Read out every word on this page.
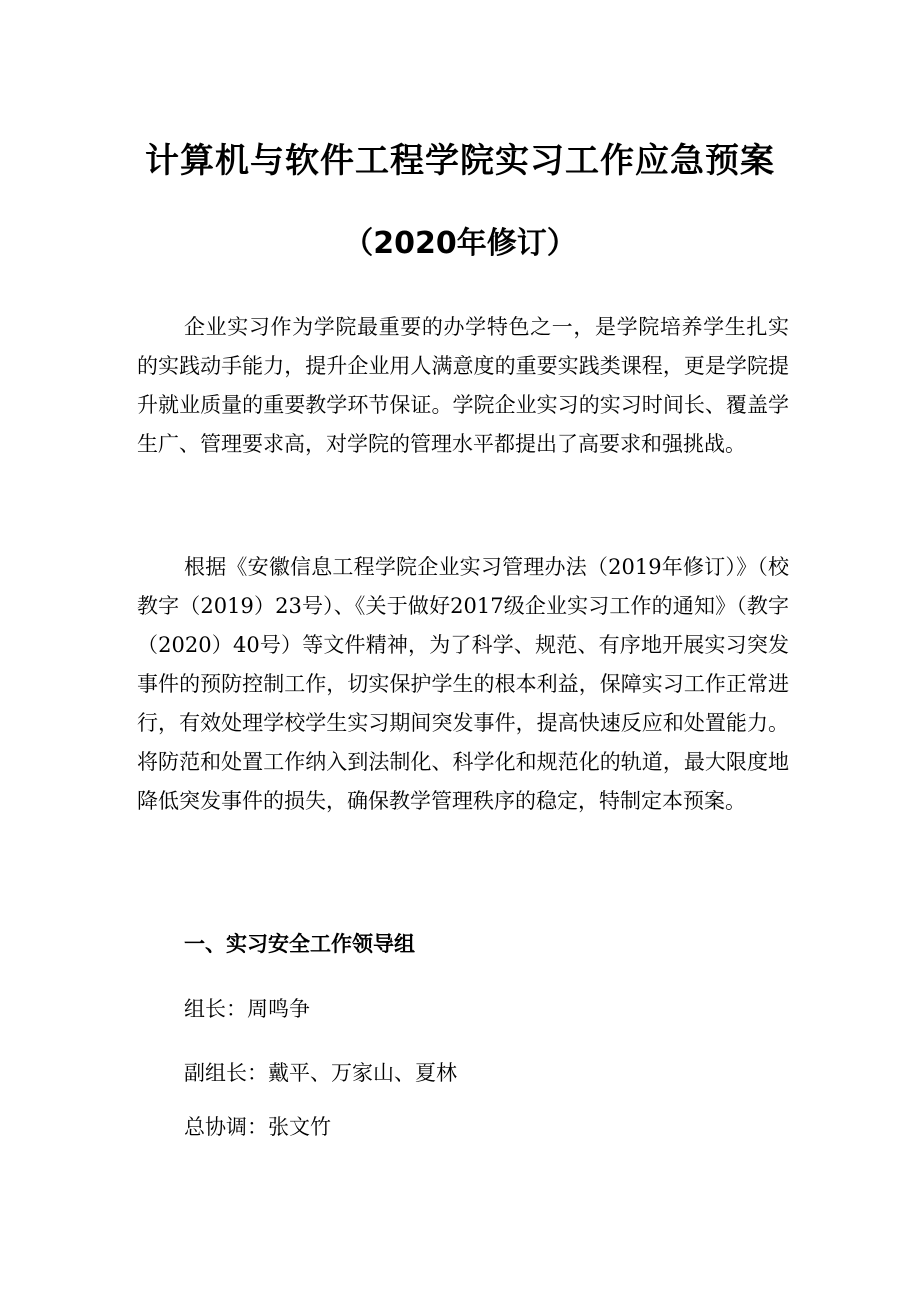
计算机与软件工程学院实习工作应急预案
（2020年修订）

企业实习作为学院最重要的办学特色之一，是学院培养学生扎实的实践动手能力，提升企业用人满意度的重要实践类课程，更是学院提升就业质量的重要教学环节保证。学院企业实习的实习时间长、覆盖学生广、管理要求高，对学院的管理水平都提出了高要求和强挑战。

根据《安徽信息工程学院企业实习管理办法（2019年修订）》（校教字（2019）23号）、《关于做好2017级企业实习工作的通知》（教字（2020）40号）等文件精神，为了科学、规范、有序地开展实习突发事件的预防控制工作，切实保护学生的根本利益，保障实习工作正常进行，有效处理学校学生实习期间突发事件，提高快速反应和处置能力。将防范和处置工作纳入到法制化、科学化和规范化的轨道，最大限度地降低突发事件的损失，确保教学管理秩序的稳定，特制定本预案。

一、实习安全工作领导组

组长：周鸣争

副组长：戴平、万家山、夏林

总协调：张文竹
